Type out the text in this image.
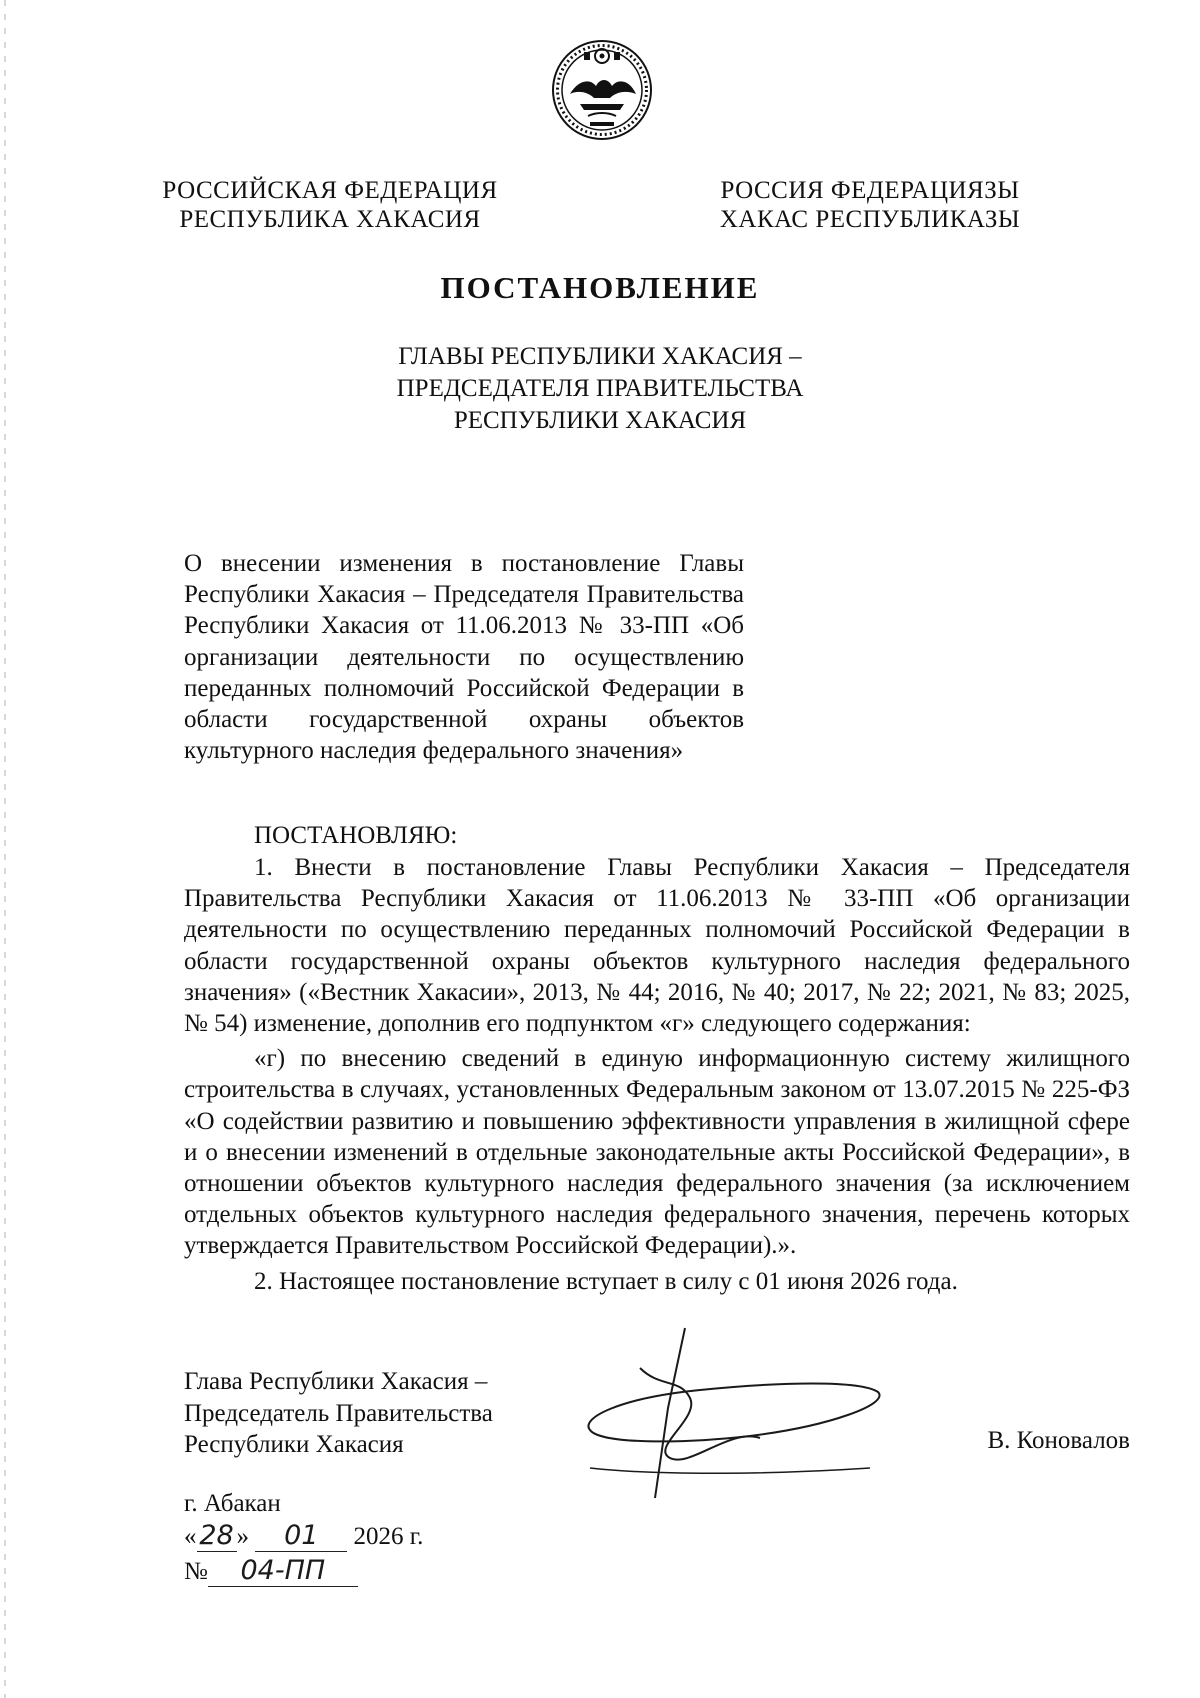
РОССИЙСКАЯ ФЕДЕРАЦИЯ
РЕСПУБЛИКА ХАКАСИЯ
РОССИЯ ФЕДЕРАЦИЯЗЫ
ХАКАС РЕСПУБЛИКАЗЫ
ПОСТАНОВЛЕНИЕ
ГЛАВЫ РЕСПУБЛИКИ ХАКАСИЯ –
ПРЕДСЕДАТЕЛЯ ПРАВИТЕЛЬСТВА
РЕСПУБЛИКИ ХАКАСИЯ
О внесении изменения в постановление Главы Республики Хакасия – Председателя Правительства Республики Хакасия от 11.06.2013 № 33-ПП «Об организации деятельности по осуществлению переданных полномочий Российской Федерации в области государственной охраны объектов культурного наследия федерального значения»
ПОСТАНОВЛЯЮ:

1. Внести в постановление Главы Республики Хакасия – Председателя Правительства Республики Хакасия от 11.06.2013 № 33-ПП «Об организации деятельности по осуществлению переданных полномочий Российской Федерации в области государственной охраны объектов культурного наследия федерального значения» («Вестник Хакасии», 2013, № 44; 2016, № 40; 2017, № 22; 2021, № 83; 2025, № 54) изменение, дополнив его подпунктом «г» следующего содержания:

«г) по внесению сведений в единую информационную систему жилищного строительства в случаях, установленных Федеральным законом от 13.07.2015 № 225-ФЗ «О содействии развитию и повышению эффективности управления в жилищной сфере и о внесении изменений в отдельные законодательные акты Российской Федерации», в отношении объектов культурного наследия федерального значения (за исключением отдельных объектов культурного наследия федерального значения, перечень которых утверждается Правительством Российской Федерации).».

2. Настоящее постановление вступает в силу с 01 июня 2026 года.

Глава Республики Хакасия –
Председатель Правительства
Республики Хакасия	В. Коновалов
г. Абакан
« 28 » 01 2026 г.
№ 04-ПП
